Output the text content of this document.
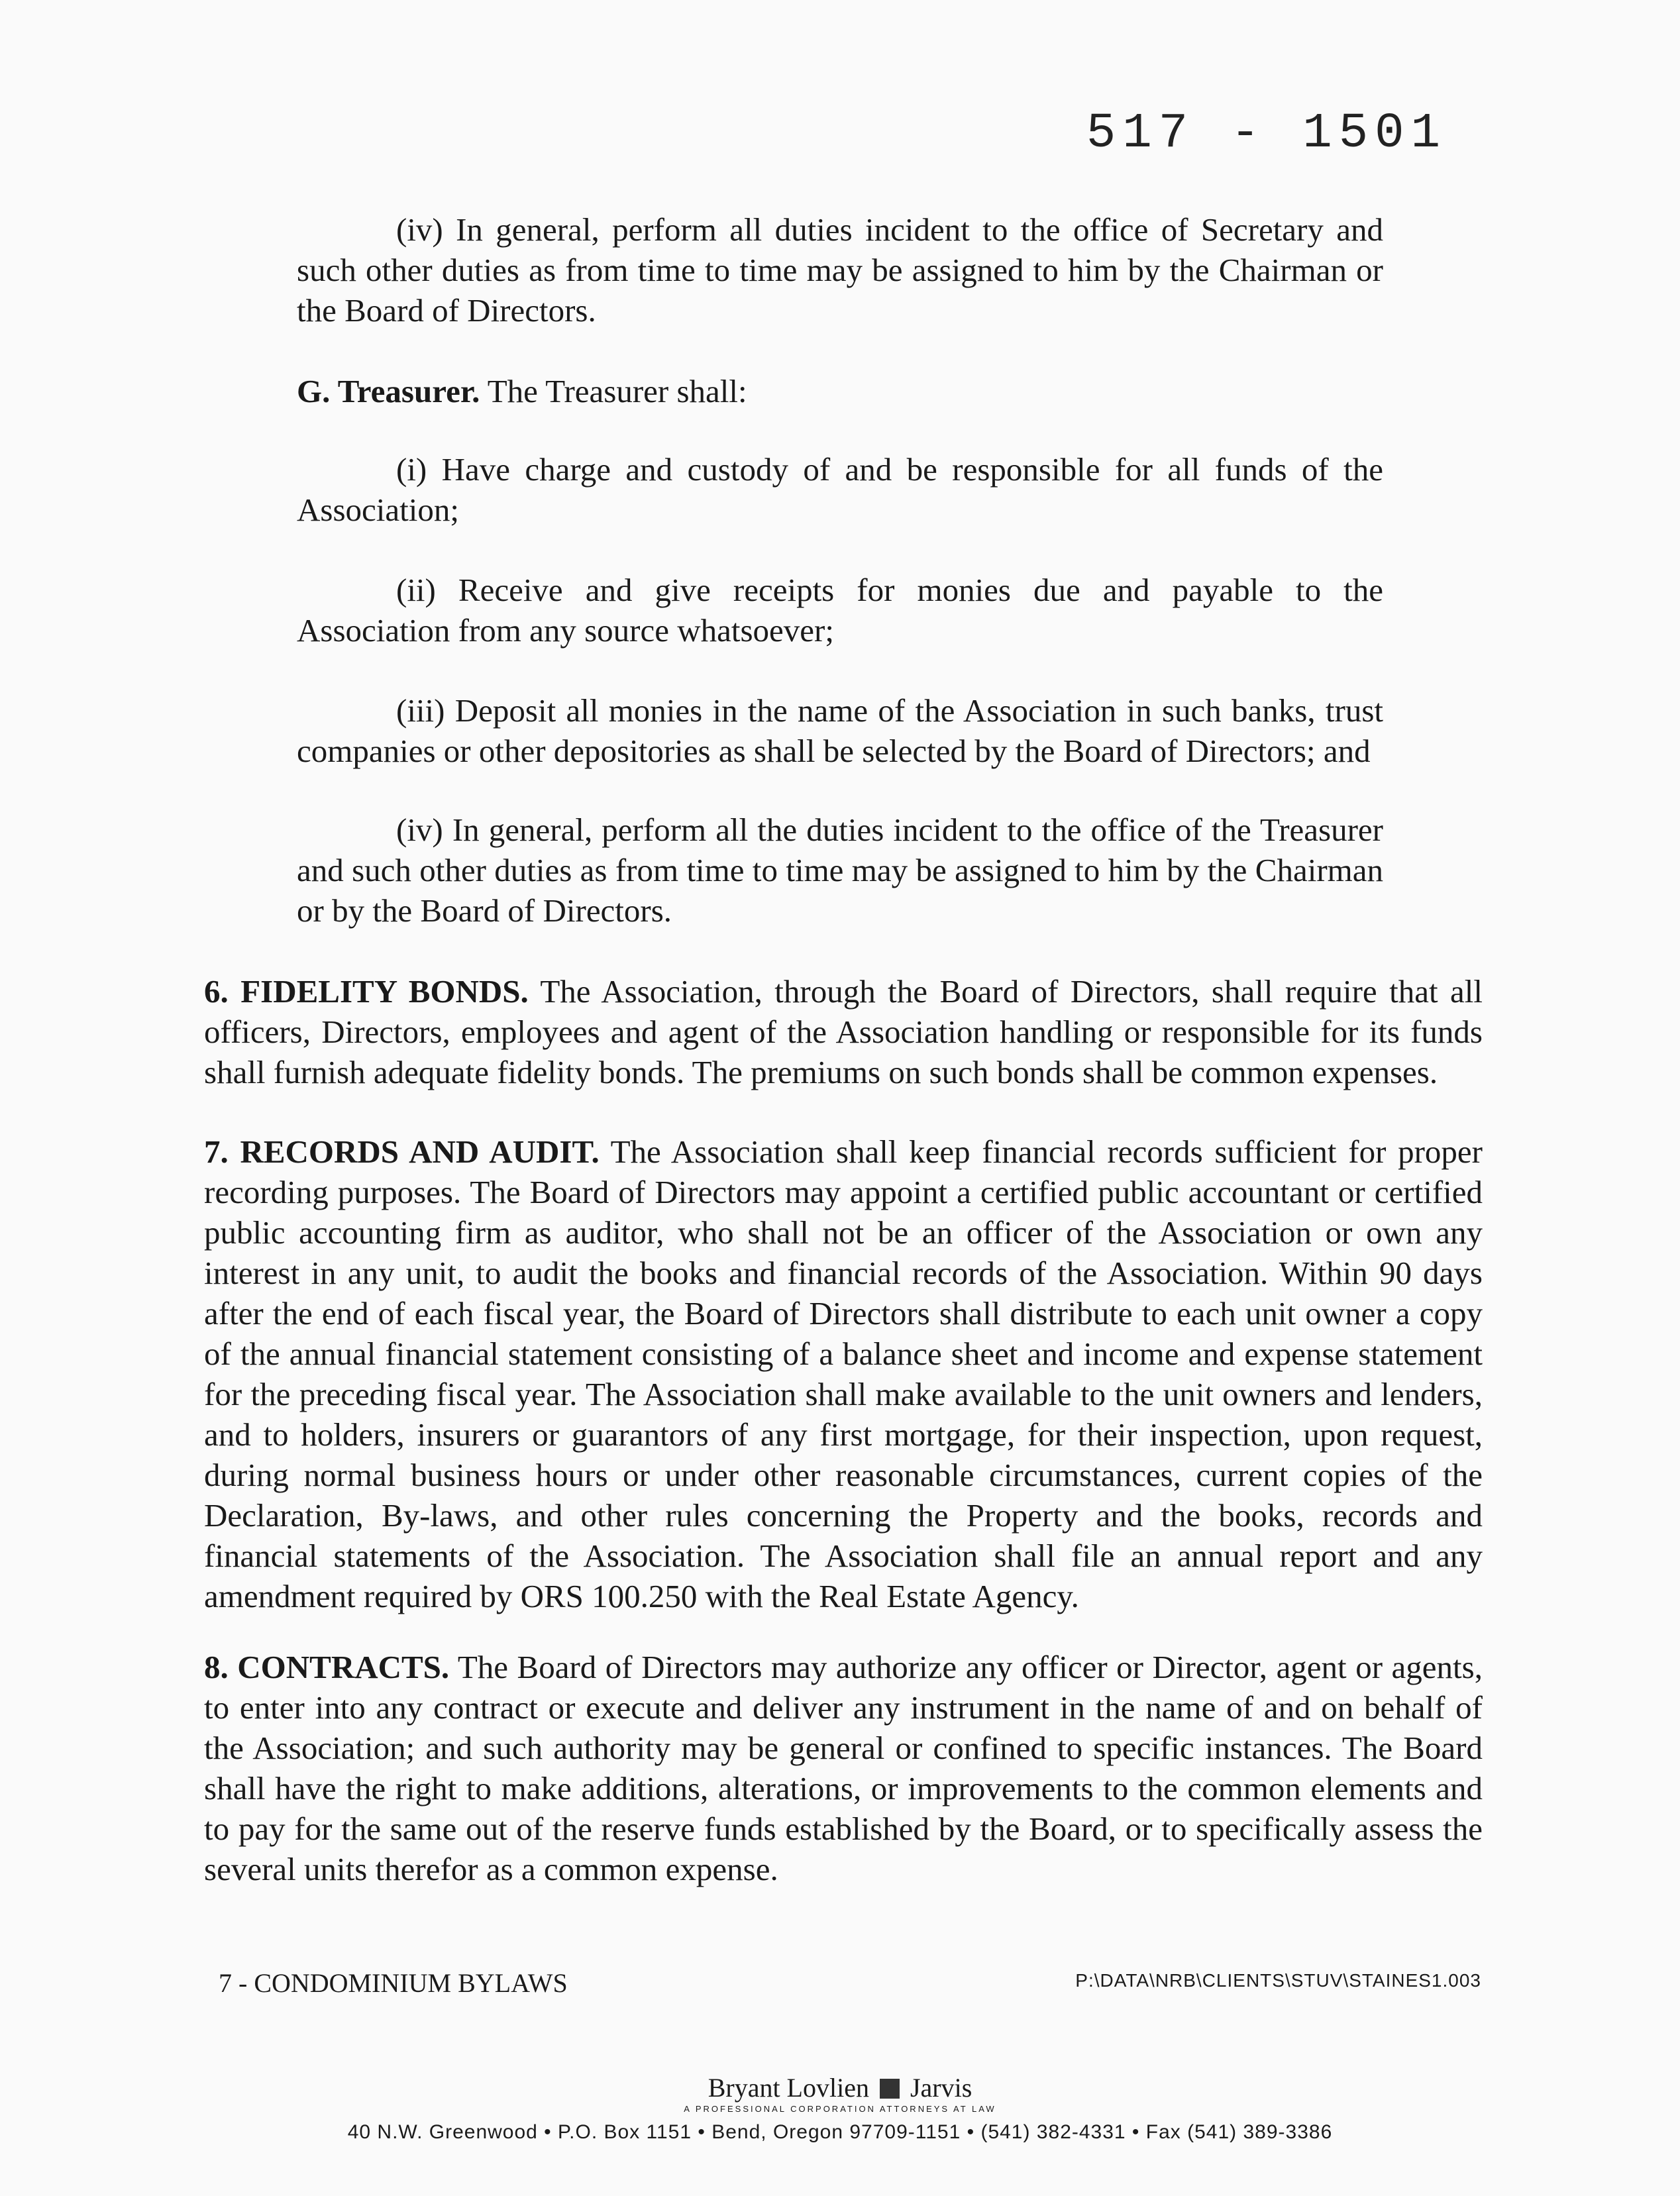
517 - 1501
(iv) In general, perform all duties incident to the office of Secretary and such other duties as from time to time may be assigned to him by the Chairman or the Board of Directors.
G. Treasurer. The Treasurer shall:
(i) Have charge and custody of and be responsible for all funds of the Association;
(ii) Receive and give receipts for monies due and payable to the Association from any source whatsoever;
(iii) Deposit all monies in the name of the Association in such banks, trust companies or other depositories as shall be selected by the Board of Directors; and
(iv) In general, perform all the duties incident to the office of the Treasurer and such other duties as from time to time may be assigned to him by the Chairman or by the Board of Directors.
6. FIDELITY BONDS. The Association, through the Board of Directors, shall require that all officers, Directors, employees and agent of the Association handling or responsible for its funds shall furnish adequate fidelity bonds. The premiums on such bonds shall be common expenses.
7. RECORDS AND AUDIT. The Association shall keep financial records sufficient for proper recording purposes. The Board of Directors may appoint a certified public accountant or certified public accounting firm as auditor, who shall not be an officer of the Association or own any interest in any unit, to audit the books and financial records of the Association. Within 90 days after the end of each fiscal year, the Board of Directors shall distribute to each unit owner a copy of the annual financial statement consisting of a balance sheet and income and expense statement for the preceding fiscal year. The Association shall make available to the unit owners and lenders, and to holders, insurers or guarantors of any first mortgage, for their inspection, upon request, during normal business hours or under other reasonable circumstances, current copies of the Declaration, By-laws, and other rules concerning the Property and the books, records and financial statements of the Association. The Association shall file an annual report and any amendment required by ORS 100.250 with the Real Estate Agency.
8. CONTRACTS. The Board of Directors may authorize any officer or Director, agent or agents, to enter into any contract or execute and deliver any instrument in the name of and on behalf of the Association; and such authority may be general or confined to specific instances. The Board shall have the right to make additions, alterations, or improvements to the common elements and to pay for the same out of the reserve funds established by the Board, or to specifically assess the several units therefor as a common expense.
7 - CONDOMINIUM BYLAWS	P:\DATA\NRB\CLIENTS\STUV\STAINES1.003
Bryant Lovlien Jarvis
A PROFESSIONAL CORPORATION ATTORNEYS AT LAW
40 N.W. Greenwood • P.O. Box 1151 • Bend, Oregon 97709-1151 • (541) 382-4331 • Fax (541) 389-3386
